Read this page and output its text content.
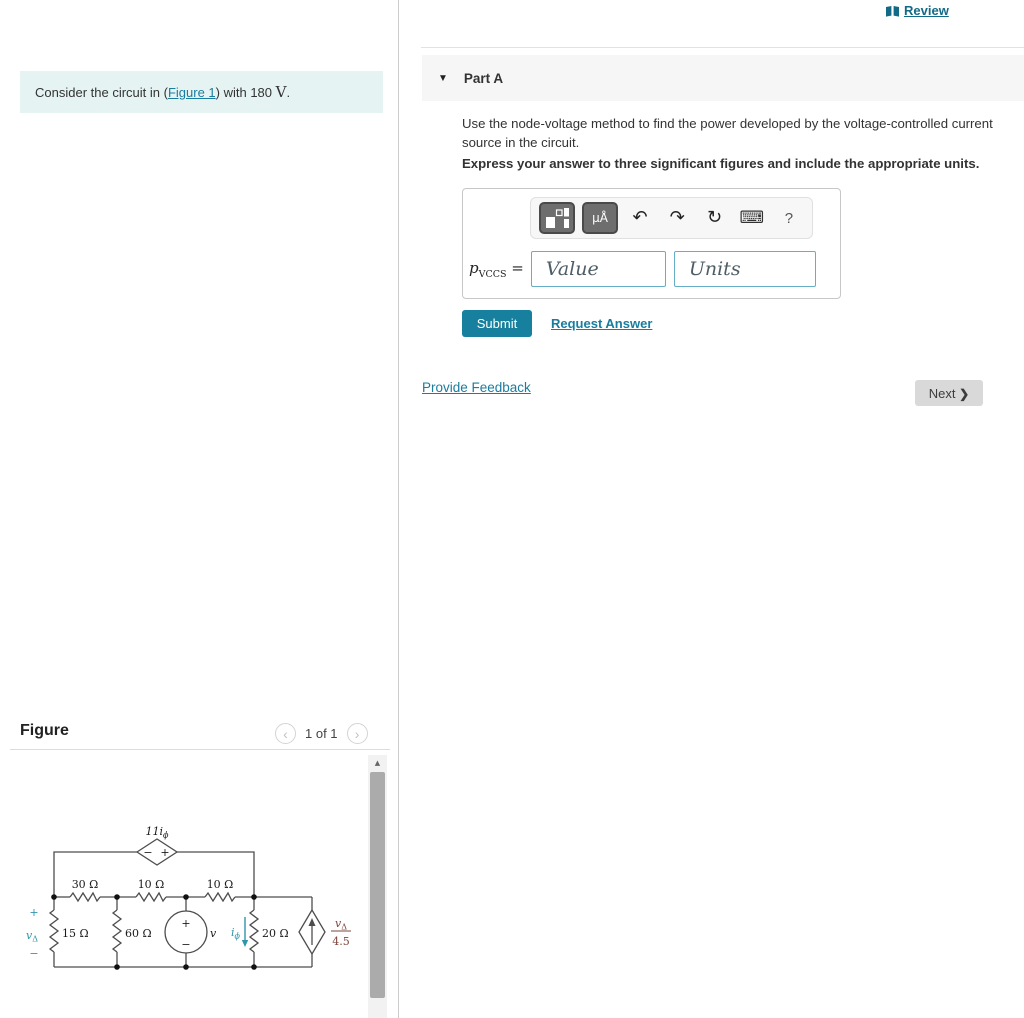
Consider the circuit in (Figure 1) with 180 V.
Figure	‹ 1 of 1 ›
$11i_\phi$
− +
30 Ω	10 Ω	10 Ω
15 Ω	60 Ω	20 Ω
+
−
v
+
$v_\Delta$
−
$i_\phi$
$v_\Delta$
4.5
▲
Review
▼ Part A
Use the node-voltage method to find the power developed by the voltage-controlled current source in the circuit.
Express your answer to three significant figures and include the appropriate units.
μÅ	↶	↷	↻	⌨	?
$p_{VCCS}$ =
Value
Units
Submit	Request Answer
Provide Feedback	Next ❯
